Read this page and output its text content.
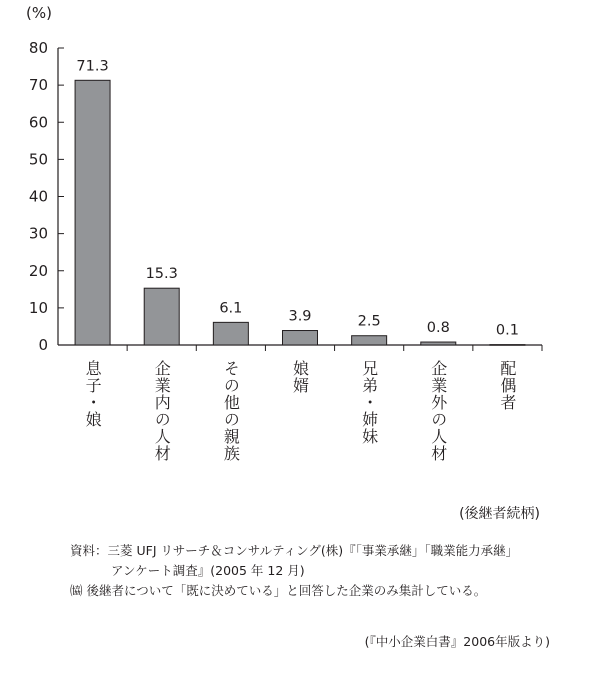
(%)
0
10
20
30
40
50
60
70
80
71.3
息子・娘
15.3
企業内の人材
6.1
その他の親族
3.9
娘婿
2.5
兄弟・姉妹
0.8
企業外の人材
0.1
配偶者
(後継者続柄)
資料：三菱 UFJ リサーチ＆コンサルティング(株)『「事業承継」「職業能力承継」
アンケート調査』(2005 年 12 月)
㈿ 後継者について「既に決めている」と回答した企業のみ集計している。
(『中小企業白書』2006年版より)
